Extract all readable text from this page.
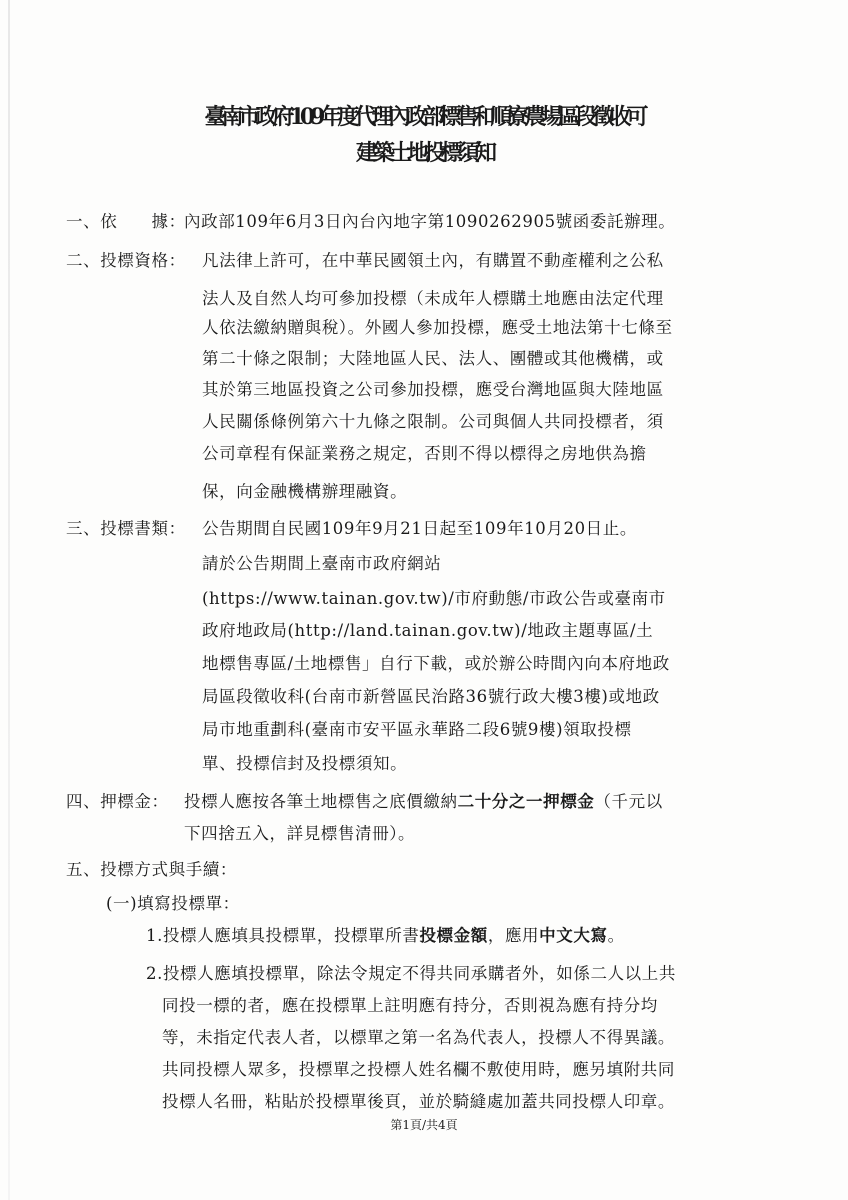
臺南市政府109年度代理內政部標售和順寮農場區段徵收可
建築土地投標須知
一、依　　據：
內政部109年6月3日內台內地字第1090262905號函委託辦理。
二、投標資格： 凡法律上許可，在中華民國領土內，有購置不動產權利之公私
法人及自然人均可參加投標（未成年人標購土地應由法定代理
人依法繳納贈與稅）。外國人參加投標，應受土地法第十七條至
第二十條之限制；大陸地區人民、法人、團體或其他機構，或
其於第三地區投資之公司參加投標，應受台灣地區與大陸地區
人民關係條例第六十九條之限制。公司與個人共同投標者，須
公司章程有保証業務之規定，否則不得以標得之房地供為擔
保，向金融機構辦理融資。
三、投標書類： 公告期間自民國109年9月21日起至109年10月20日止。
請於公告期間上臺南市政府網站
(https://www.tainan.gov.tw)/市府動態/市政公告或臺南市
政府地政局(http://land.tainan.gov.tw)/地政主題專區/土
地標售專區/土地標售」自行下載，或於辦公時間內向本府地政
局區段徵收科(台南市新營區民治路36號行政大樓3樓)或地政
局市地重劃科(臺南市安平區永華路二段6號9樓)領取投標
單、投標信封及投標須知。
四、押標金： 投標人應按各筆土地標售之底價繳納二十分之一押標金（千元以
下四捨五入，詳見標售清冊）。
五、投標方式與手續：
(一)填寫投標單：
1.投標人應填具投標單，投標單所書投標金額，應用中文大寫。
2.投標人應填投標單，除法令規定不得共同承購者外，如係二人以上共
同投一標的者，應在投標單上註明應有持分，否則視為應有持分均
等，未指定代表人者，以標單之第一名為代表人，投標人不得異議。
共同投標人眾多，投標單之投標人姓名欄不敷使用時，應另填附共同
投標人名冊，粘貼於投標單後頁，並於騎縫處加蓋共同投標人印章。
第1頁/共4頁
